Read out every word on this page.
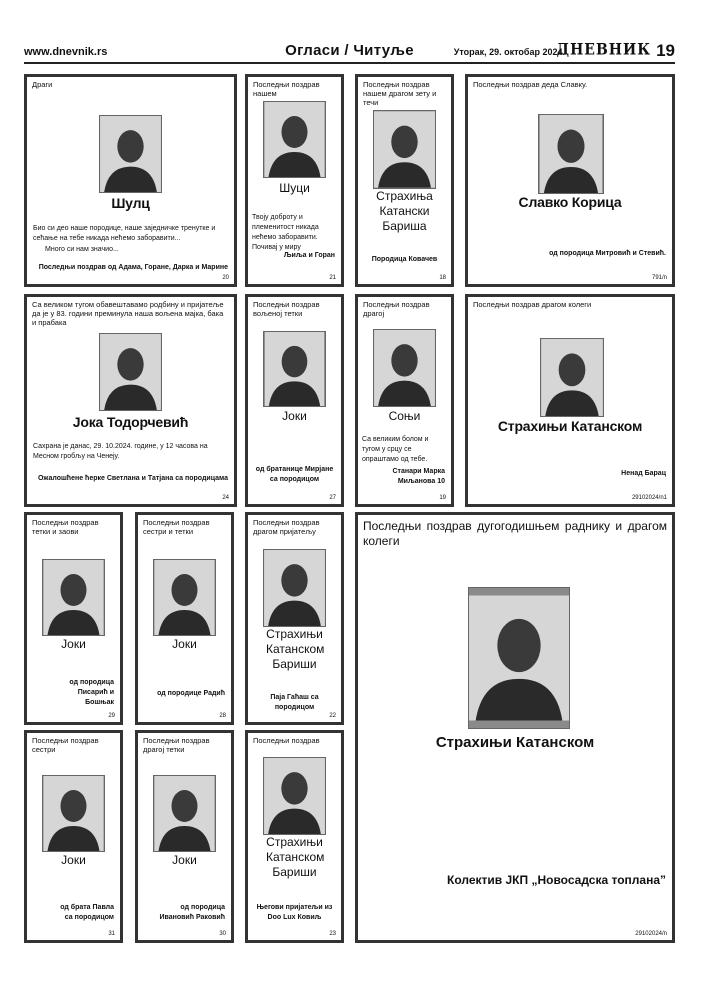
www.dnevnik.rs	Огласи / Читуље	Уторак, 29. октобар 2024.
ДНЕВНИК 19
Драги
Шулц
Био си део наше породице, наше заједничке тренутке и сећање на тебе никада нећемо заборавити...
Много си нам значио...
Последњи поздрав од Адама, Горане, Дарка и Марине
20
Последњи поздрав нашем
Шуци
Твоју доброту и племенитост никада нећемо заборавити. Почивај у миру
Љиља и Горан
21
Последњи поздрав нашем драгом зету и течи
Страхиња Катански Бариша
Породица Ковачев
18
Последњи поздрав деда Славку.
Славко Корица
од породица Митровић и Стевић.
791/n
Са великом тугом обавештавамо родбину и пријатеље да је у 83. години преминула наша вољена мајка, бака и прабака
Јока Тодорчевић
Сахрана је данас, 29. 10.2024. године, у 12 часова на Месном гробљу на Ченеју.
Ожалошћене ћерке Светлана и Татјана са породицама
24
Последњи поздрав вољеној тетки
Јоки
од братанице Мирјане са породицом
27
Последњи поздрав драгој
Соњи
Са великим болом и тугом у срцу се опраштамо од тебе.
Станари Марка Миљанова 10
19
Последњи поздрав драгом колеги
Страхињи Катанском
Ненад Барац
29102024/n1
Последњи поздрав тетки и заови
Јоки
од породица Писарић и Бошњак
29
Последњи поздрав сестри и тетки
Јоки
од породице Радић
28
Последњи поздрав драгом пријатељу
Страхињи Катанском Бариши
Паја Гаћаш са породицом
22
Последњи поздрав дугогодишњем раднику и драгом колеги
Страхињи Катанском
Колектив ЈКП „Новосадска топлана”
29102024/n
Последњи поздрав сестри
Јоки
од брата Павла са породицом
31
Последњи поздрав драгој тетки
Јоки
од породица Ивановић Раковић
30
Последњи поздрав
Страхињи Катанском Бариши
Његови пријатељи из Doo Lux Ковиљ
23
